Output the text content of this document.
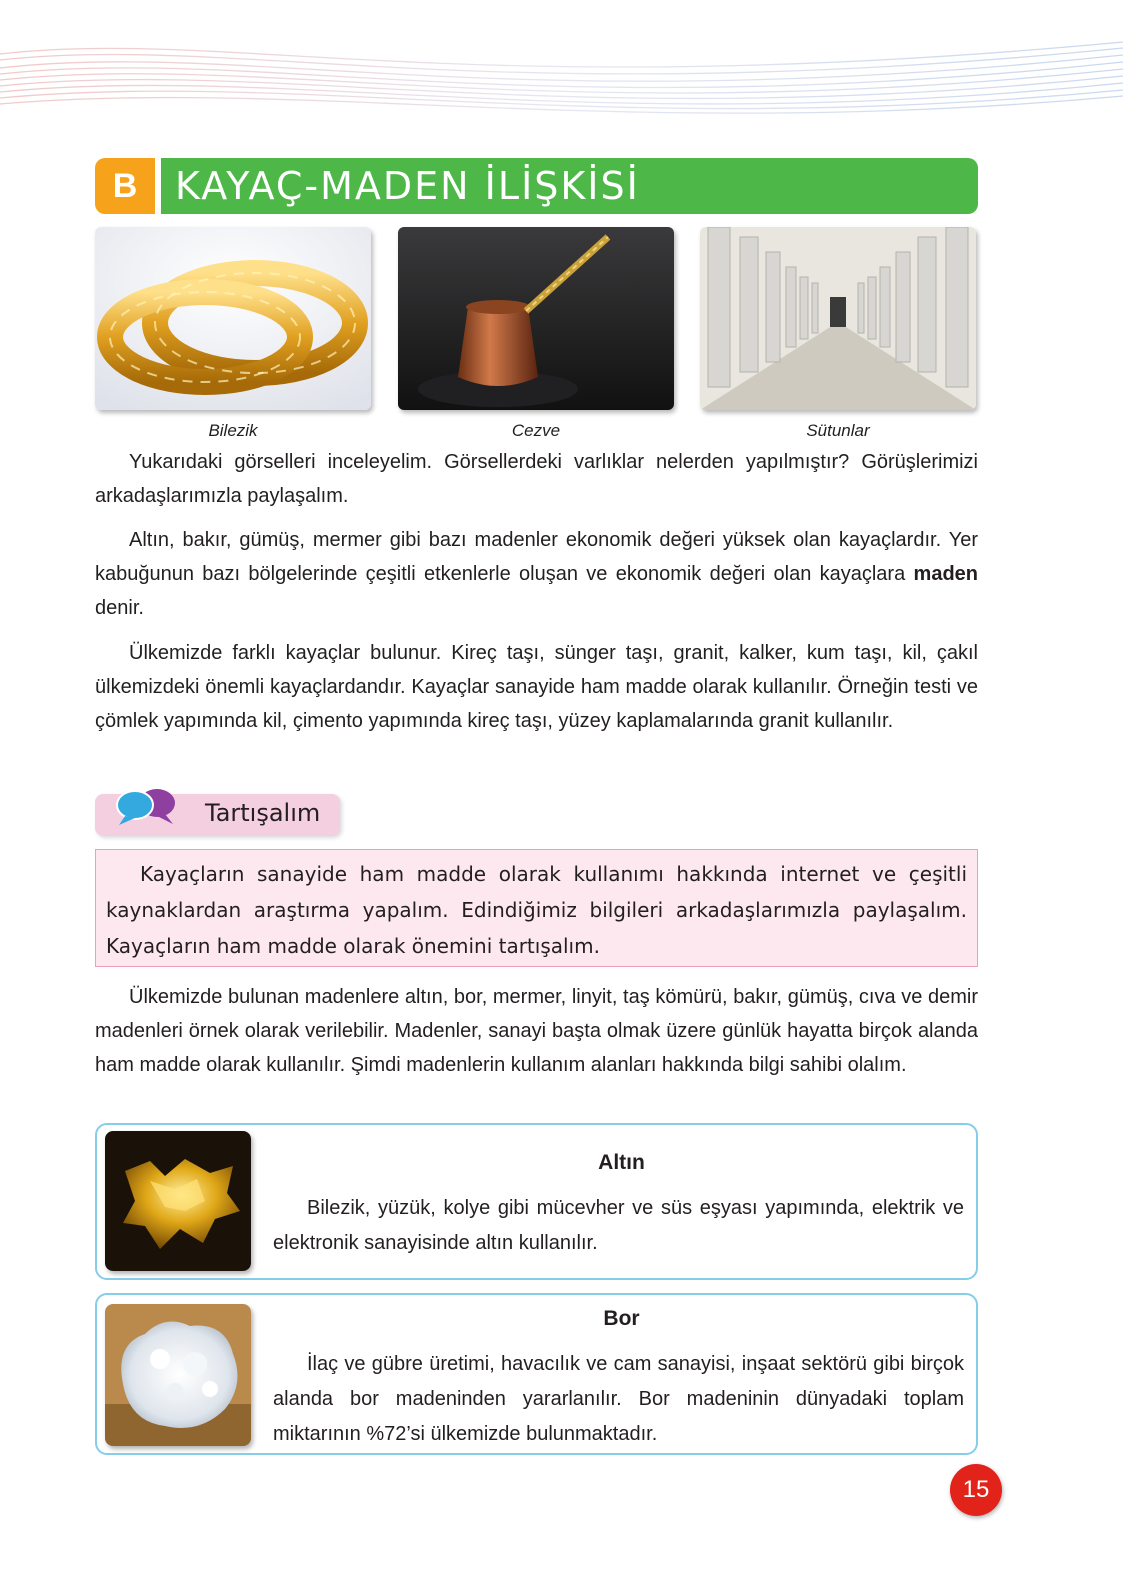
B KAYAÇ-MADEN İLİŞKİSİ
Bilezik	Cezve	Sütunlar

Yukarıdaki görselleri inceleyelim. Görsellerdeki varlıklar nelerden yapılmıştır? Görüşlerimizi arkadaşlarımızla paylaşalım.

Altın, bakır, gümüş, mermer gibi bazı madenler ekonomik değeri yüksek olan kayaçlardır. Yer kabuğunun bazı bölgelerinde çeşitli etkenlerle oluşan ve ekonomik değeri olan kayaçlara maden denir.

Ülkemizde farklı kayaçlar bulunur. Kireç taşı, sünger taşı, granit, kalker, kum taşı, kil, çakıl ülkemizdeki önemli kayaçlardandır. Kayaçlar sanayide ham madde olarak kullanılır. Örneğin testi ve çömlek yapımında kil, çimento yapımında kireç taşı, yüzey kaplamalarında granit kullanılır.

Tartışalım

Kayaçların sanayide ham madde olarak kullanımı hakkında internet ve çeşitli kaynaklardan araştırma yapalım. Edindiğimiz bilgileri arkadaşlarımızla paylaşalım. Kayaçların ham madde olarak önemini tartışalım.

Ülkemizde bulunan madenlere altın, bor, mermer, linyit, taş kömürü, bakır, gümüş, cıva ve demir madenleri örnek olarak verilebilir. Madenler, sanayi başta olmak üzere günlük hayatta birçok alanda ham madde olarak kullanılır. Şimdi madenlerin kullanım alanları hakkında bilgi sahibi olalım.

Altın

Bilezik, yüzük, kolye gibi mücevher ve süs eşyası yapımında, elektrik ve elektronik sanayisinde altın kullanılır.

Bor

İlaç ve gübre üretimi, havacılık ve cam sanayisi, inşaat sektörü gibi birçok alanda bor madeninden yararlanılır. Bor madeninin dünyadaki toplam miktarının %72’si ülkemizde bulunmaktadır.

15
